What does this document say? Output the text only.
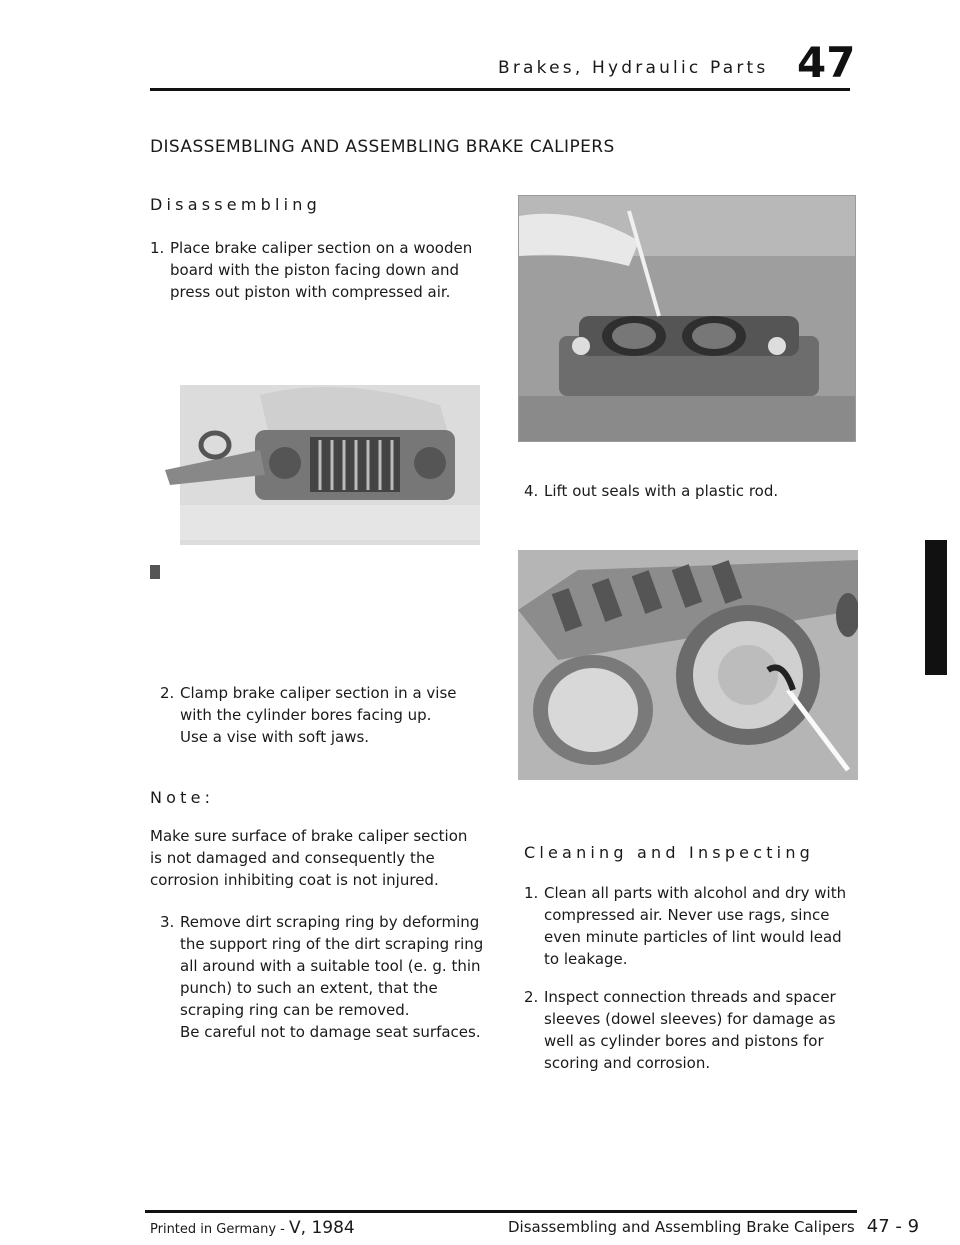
Brakes, Hydraulic Parts 47
DISASSEMBLING AND ASSEMBLING BRAKE CALIPERS
Disassembling
1. Place brake caliper section on a wooden board with the piston facing down and press out piston with compressed air.
2. Clamp brake caliper section in a vise with the cylinder bores facing up.
Use a vise with soft jaws.
Note:
Make sure surface of brake caliper section is not damaged and consequently the corrosion inhibiting coat is not injured.
3. Remove dirt scraping ring by deforming the support ring of the dirt scraping ring all around with a suitable tool (e. g. thin punch) to such an extent, that the scraping ring can be removed.
Be careful not to damage seat surfaces.
4. Lift out seals with a plastic rod.
Cleaning and Inspecting
1. Clean all parts with alcohol and dry with compressed air. Never use rags, since even minute particles of lint would lead to leakage.
2. Inspect connection threads and spacer sleeves (dowel sleeves) for damage as well as cylinder bores and pistons for scoring and corrosion.
Printed in Germany - V, 1984	Disassembling and Assembling Brake Calipers 47 - 9
